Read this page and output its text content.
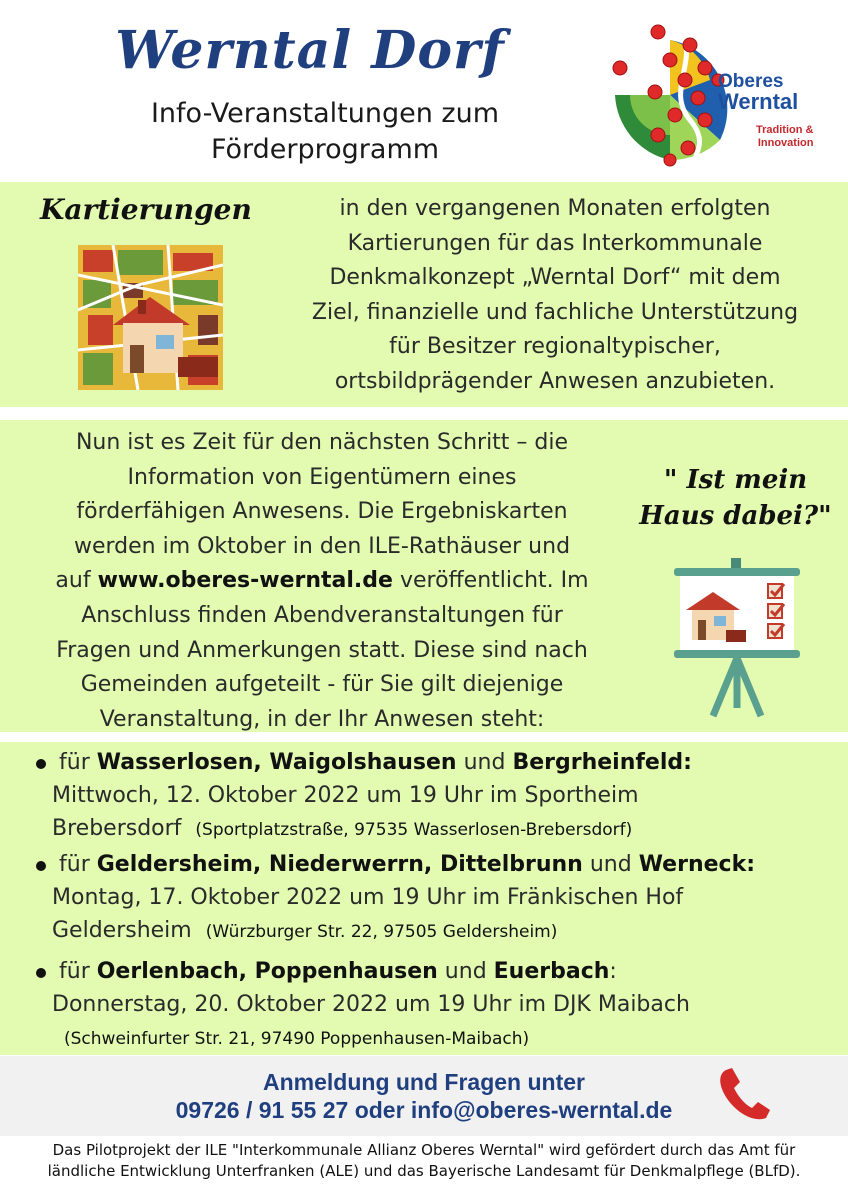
Werntal Dorf
Info-Veranstaltungen zum
Förderprogramm
Oberes
Werntal
Tradition &
Innovation
Kartierungen	in den vergangenen Monaten erfolgten
Kartierungen für das Interkommunale
Denkmalkonzept „Werntal Dorf“ mit dem
Ziel, finanzielle und fachliche Unterstützung
für Besitzer regionaltypischer,
ortsbildprägender Anwesen anzubieten.
Nun ist es Zeit für den nächsten Schritt – die
Information von Eigentümern eines
förderfähigen Anwesens. Die Ergebniskarten
werden im Oktober in den ILE-Rathäuser und
auf www.oberes-werntal.de veröffentlicht. Im
Anschluss finden Abendveranstaltungen für
Fragen und Anmerkungen statt. Diese sind nach
Gemeinden aufgeteilt - für Sie gilt diejenige
Veranstaltung, in der Ihr Anwesen steht:
" Ist mein
Haus dabei?"
für Wasserlosen, Waigolshausen und Bergrheinfeld:
Mittwoch, 12. Oktober 2022 um 19 Uhr im Sportheim
Brebersdorf (Sportplatzstraße, 97535 Wasserlosen-Brebersdorf)
für Geldersheim, Niederwerrn, Dittelbrunn und Werneck:
Montag, 17. Oktober 2022 um 19 Uhr im Fränkischen Hof
Geldersheim (Würzburger Str. 22, 97505 Geldersheim)
für Oerlenbach, Poppenhausen und Euerbach:
Donnerstag, 20. Oktober 2022 um 19 Uhr im DJK Maibach
(Schweinfurter Str. 21, 97490 Poppenhausen-Maibach)
Anmeldung und Fragen unter
09726 / 91 55 27 oder info@oberes-werntal.de
Das Pilotprojekt der ILE "Interkommunale Allianz Oberes Werntal" wird gefördert durch das Amt für
ländliche Entwicklung Unterfranken (ALE) und das Bayerische Landesamt für Denkmalpflege (BLfD).
